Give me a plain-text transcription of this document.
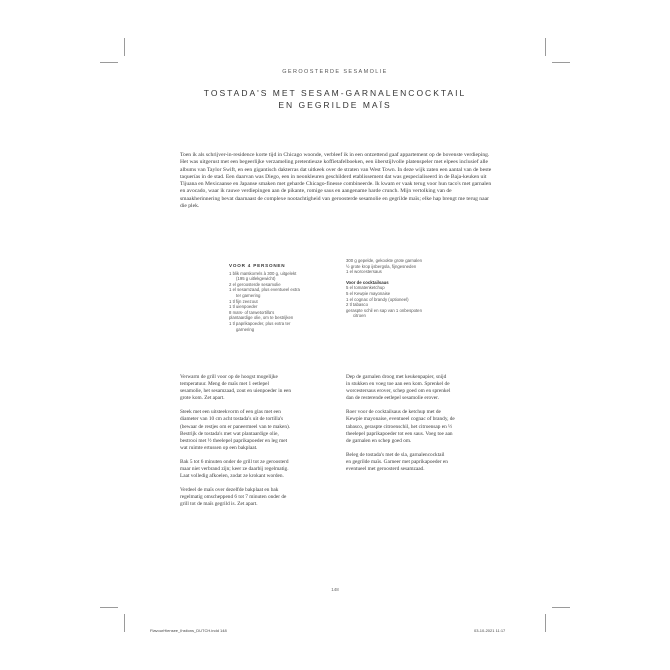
GEROOSTERDE SESAMOLIE
TOSTADA'S MET SESAM-GARNALENCOCKTAIL
EN GEGRILDE MAÏS
Toen ik als schrijver-in-residence korte tijd in Chicago woonde, verbleef ik in een ontzettend gaaf appartement op de bovenste verdieping. Het was uitgerust met een begeerlijke verzameling pretentieuze koffietafelboeken, een überstijlvolle platenspeler met elpees inclusief alle albums van Taylor Swift, en een gigantisch dakterras dat uitkeek over de straten van West Town. In deze wijk zaten een aantal van de beste taquerías in de stad. Een daarvan was Diego, een in neonkleuren geschilderd etablissement dat was gespecialiseerd in de Baja-keuken uit Tijuana en Mexicaanse en Japanse smaken met geharde Chicago-finesse combineerde. Ik kwam er vaak terug voor hun taco's met garnalen en avocado, waar ik rauwe verdiepingen aan de pikante, romige saus en aangename harde crunch. Mijn vertolking van de smaakherinnering bevat daarnaast de complexe nootachtigheid van geroosterde sesamolie en gegrilde maïs; elke hap brengt me terug naar die plek.
VOOR 4 PERSONEN
1 blik maïskorrels à 300 g, uitgelekt
(195 g uitlekgewicht)
2 el geroosterde sesamolie
1 el sesamzaad, plus eventueel extra
ter garnering
1 tl fijn zeezout
1 tl uienpoeder
8 maïs- of tarwetortilla's
plantaardige olie, om te bestrijken
1 tl paprikapoeder, plus extra ter
garnering
300 g gepelde, gekookte grote garnalen
½ grote krop ijsbergsla, fijngesneden
1 el worcestersaus
Voor de cocktailsaus
5 el tomatenketchup
5 el Kewpie mayonaise
1 el cognac of brandy (optioneel)
2 tl tabasco
geraspte schil en sap van 1 onbespoten
citroen

Verwarm de grill voor op de hoogst mogelijke
temperatuur. Meng de maïs met 1 eetlepel
sesamolie, het sesamzaad, zout en uienpoeder in een
grote kom. Zet apart.

Steek met een uitsteekvorm of een glas met een
diameter van 10 cm acht tostada's uit de tortilla's
(bewaar de restjes om er paneermeel van te maken).
Bestrijk de tostada's met wat plantaardige olie,
bestrooi met ½ theelepel paprikapoeder en leg met
wat ruimte ertussen op een bakplaat.

Bak 5 tot 6 minuten onder de grill tot ze geroosterd
maar niet verbrand zijn; keer ze daarbij regelmatig.
Laat volledig afkoelen, zodat ze krokant worden.

Verdeel de maïs over dezelfde bakplaat en bak
regelmatig omscheppend 6 tot 7 minuten onder de
grill tot de maïs gegrild is. Zet apart.

Dep de garnalen droog met keukenpapier, snijd
in stukken en voeg toe aan een kom. Sprenkel de
worcestersaus erover, schep goed om en sprenkel
dan de resterende eetlepel sesamolie erover.

Roer voor de cocktailsaus de ketchup met de
Kewpie mayonaise, eventueel cognac of brandy, de
tabasco, geraspte citroenschil, het citroensap en ½
theelepel paprikapoeder tot een saus. Voeg toe aan
de garnalen en schep goed om.

Beleg de tostada's met de sla, garnalencocktail
en gegrilde maïs. Garneer met paprikapoeder en
eventueel met geroosterd sesamzaad.

148
FlavourHiensee_Ihstions_DUTCH.indd 148	03-10-2021 11:17
